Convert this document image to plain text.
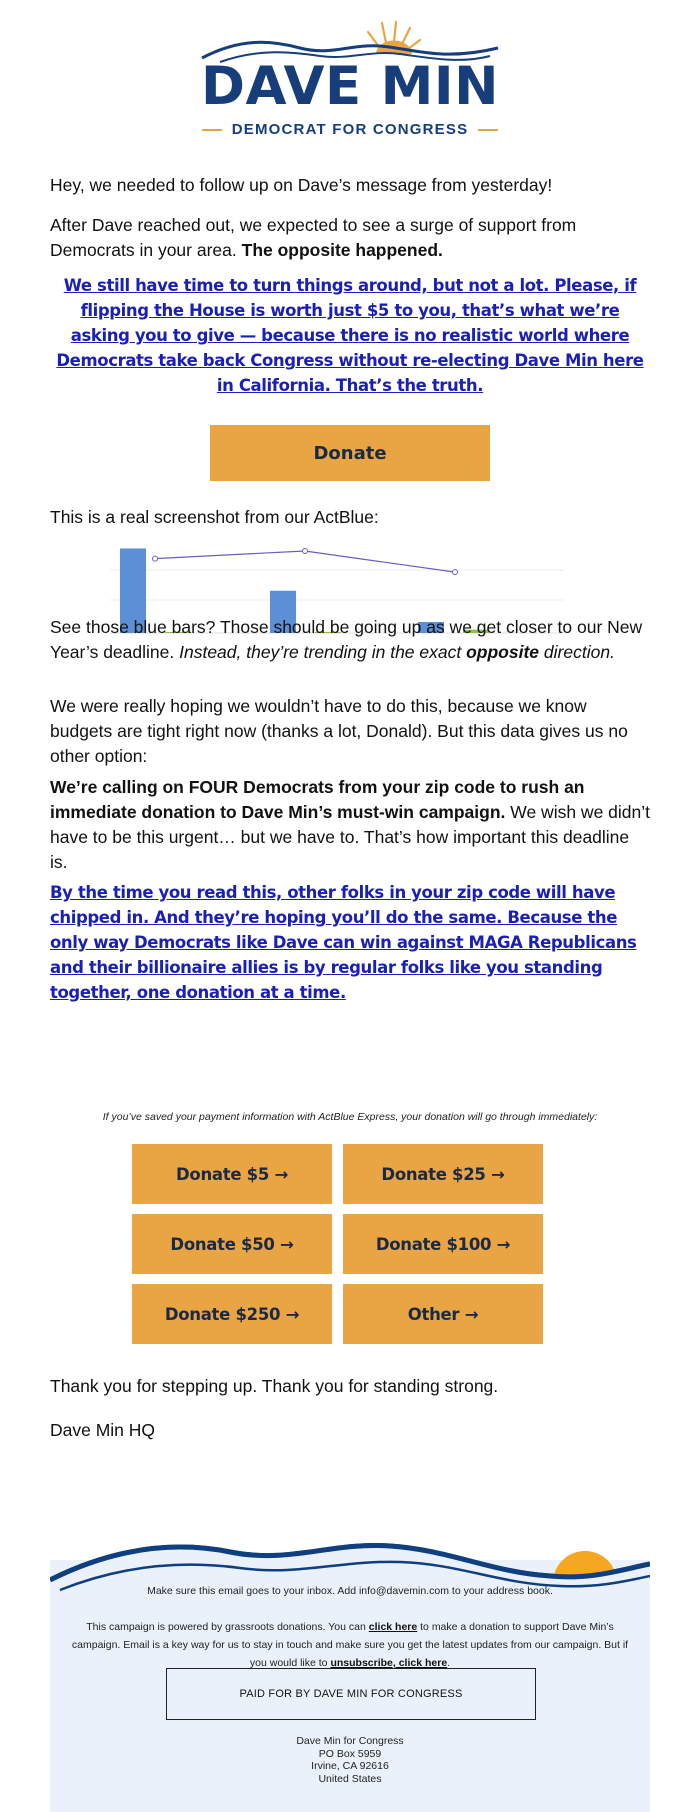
DAVE MIN
DEMOCRAT FOR CONGRESS

Hey, we needed to follow up on Dave’s message from yesterday!

After Dave reached out, we expected to see a surge of support from Democrats in your area. The opposite happened.

We still have time to turn things around, but not a lot. Please, if flipping the House is worth just $5 to you, that’s what we’re asking you to give — because there is no realistic world where Democrats take back Congress without re-electing Dave Min here in California. That’s the truth.
Donate

This is a real screenshot from our ActBlue:

See those blue bars? Those should be going up as we get closer to our New Year’s deadline. Instead, they’re trending in the exact opposite direction.

We were really hoping we wouldn’t have to do this, because we know budgets are tight right now (thanks a lot, Donald). But this data gives us no other option:

We’re calling on FOUR Democrats from your zip code to rush an immediate donation to Dave Min’s must-win campaign. We wish we didn’t have to be this urgent… but we have to. That’s how important this deadline is.

By the time you read this, other folks in your zip code will have chipped in. And they’re hoping you’ll do the same. Because the only way Democrats like Dave can win against MAGA Republicans and their billionaire allies is by regular folks like you standing together, one donation at a time.
If you’ve saved your payment information with ActBlue Express, your donation will go through immediately:
Donate $5 →	Donate $25 →
Donate $50 →	Donate $100 →
Donate $250 →	Other →

Thank you for stepping up. Thank you for standing strong.

Dave Min HQ

Make sure this email goes to your inbox. Add info@davemin.com to your address book.
This campaign is powered by grassroots donations. You can click here to make a donation to support Dave Min’s campaign. Email is a key way for us to stay in touch and make sure you get the latest updates from our campaign. But if you would like to unsubscribe, click here.
PAID FOR BY DAVE MIN FOR CONGRESS
Dave Min for Congress
PO Box 5959
Irvine, CA 92616
United States
